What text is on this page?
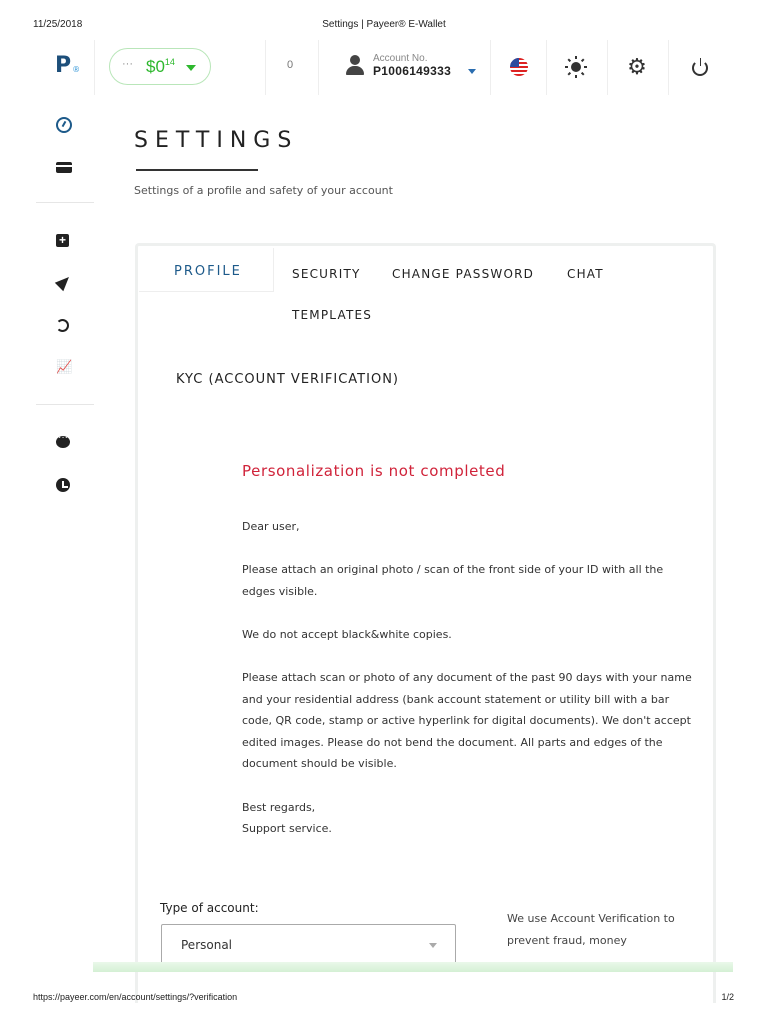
11/25/2018	Settings | Payeer® E-Wallet
P®	··· $\$0^{14}$	0
Account No.
P1006149333	⚙
+
📈
···
SETTINGS
Settings of a profile and safety of your account
PROFILE	SECURITY	CHANGE PASSWORD	CHAT
TEMPLATES
KYC (ACCOUNT VERIFICATION)
Personalization is not completed
Dear user,
Please attach an original photo / scan of the front side of your ID with all the edges visible.
We do not accept black&white copies.
Please attach scan or photo of any document of the past 90 days with your name and your residential address (bank account statement or utility bill with a bar code, QR code, stamp or active hyperlink for digital documents). We don't accept edited images. Please do not bend the document. All parts and edges of the document should be visible.
Best regards,
Support service.
Type of account:
Personal
We use Account Verification to prevent fraud, money
https://payeer.com/en/account/settings/?verification	1/2
